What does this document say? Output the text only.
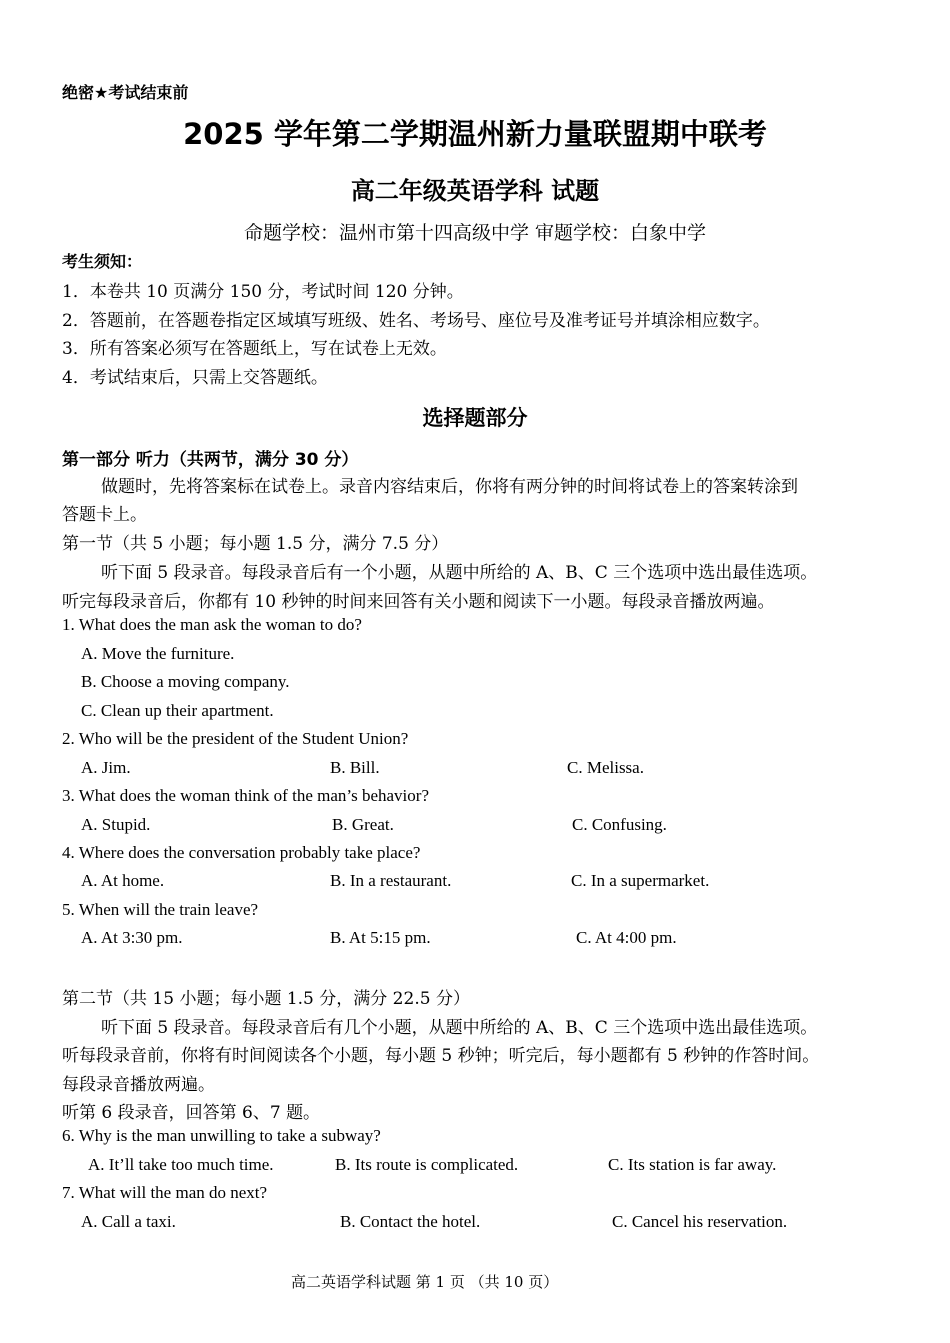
绝密★考试结束前
2025 学年第二学期温州新力量联盟期中联考
高二年级英语学科 试题
命题学校：温州市第十四高级中学 审题学校：白象中学
考生须知：
1．本卷共 10 页满分 150 分，考试时间 120 分钟。
2．答题前，在答题卷指定区域填写班级、姓名、考场号、座位号及准考证号并填涂相应数字。
3．所有答案必须写在答题纸上，写在试卷上无效。
4．考试结束后，只需上交答题纸。
选择题部分
第一部分 听力（共两节，满分 30 分）
做题时，先将答案标在试卷上。录音内容结束后，你将有两分钟的时间将试卷上的答案转涂到
答题卡上。
第一节（共 5 小题；每小题 1.5 分，满分 7.5 分）
听下面 5 段录音。每段录音后有一个小题，从题中所给的 A、B、C 三个选项中选出最佳选项。
听完每段录音后，你都有 10 秒钟的时间来回答有关小题和阅读下一小题。每段录音播放两遍。
1. What does the man ask the woman to do?
A. Move the furniture.
B. Choose a moving company.
C. Clean up their apartment.
2. Who will be the president of the Student Union?
A. Jim.	B. Bill.	C. Melissa.
3. What does the woman think of the man’s behavior?
A. Stupid.	B. Great.	C. Confusing.
4. Where does the conversation probably take place?
A. At home.	B. In a restaurant.	C. In a supermarket.
5. When will the train leave?
A. At 3:30 pm.	B. At 5:15 pm.	C. At 4:00 pm.
第二节（共 15 小题；每小题 1.5 分，满分 22.5 分）
听下面 5 段录音。每段录音后有几个小题，从题中所给的 A、B、C 三个选项中选出最佳选项。
听每段录音前，你将有时间阅读各个小题，每小题 5 秒钟；听完后，每小题都有 5 秒钟的作答时间。
每段录音播放两遍。
听第 6 段录音，回答第 6、7 题。
6. Why is the man unwilling to take a subway?
A. It’ll take too much time.	B. Its route is complicated.	C. Its station is far away.
7. What will the man do next?
A. Call a taxi.	B. Contact the hotel.	C. Cancel his reservation.
高二英语学科试题 第 1 页 （共 10 页）
